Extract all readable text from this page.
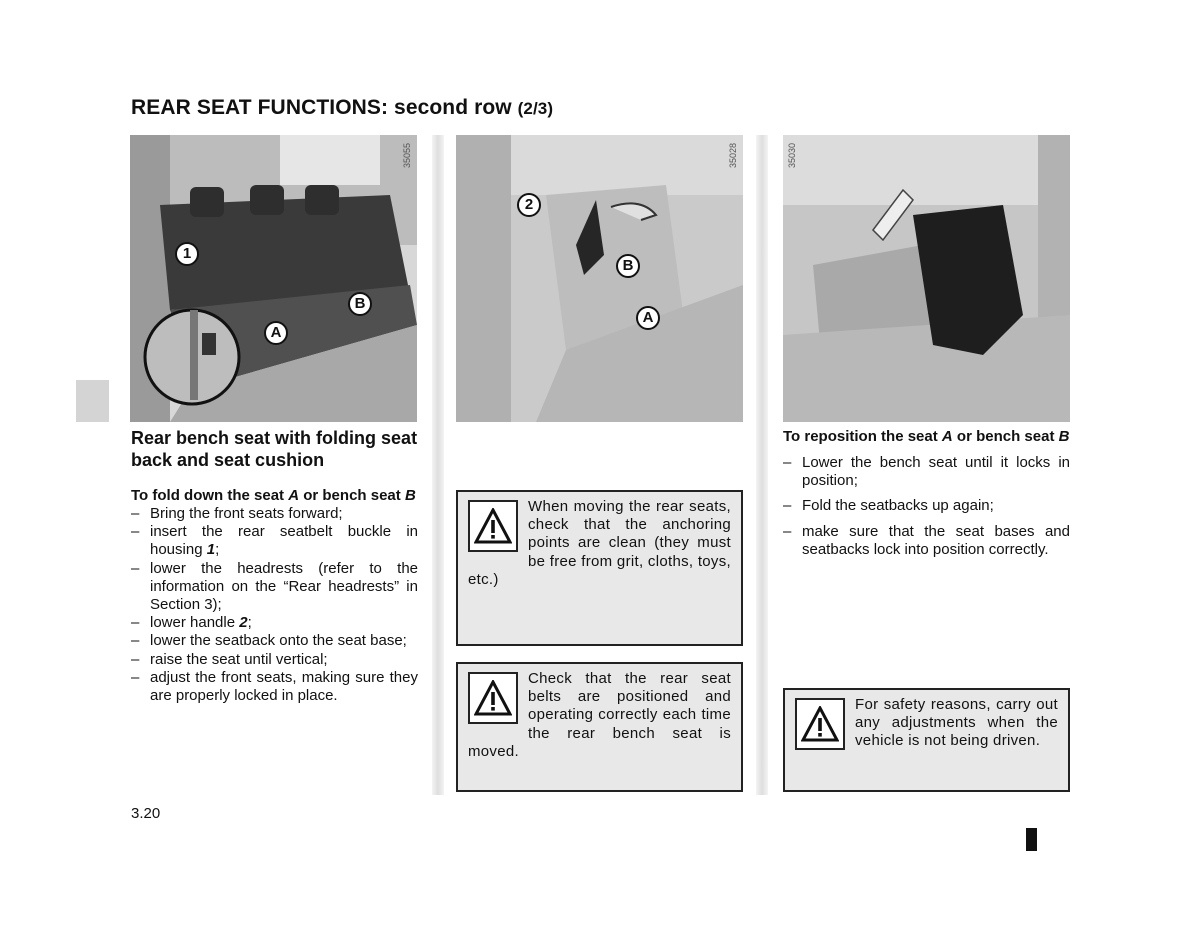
REAR SEAT FUNCTIONS: second row (2/3)
35055
1
B
A
35028
2
B
A
35030
Rear bench seat with folding seat back and seat cushion
To fold down the seat A or bench seat B
– Bring the front seats forward;
– insert the rear seatbelt buckle in housing 1;
– lower the headrests (refer to the information on the “Rear headrests” in Section 3);
– lower handle 2;
– lower the seatback onto the seat base;
– raise the seat until vertical;
– adjust the front seats, making sure they are properly locked in place.
When moving the rear seats, check that the anchoring points are clean (they must be free from grit, cloths, toys, etc.)
Check that the rear seat belts are positioned and operating correctly each time the rear bench seat is moved.
To reposition the seat A or bench seat B
– Lower the bench seat until it locks in position;
– Fold the seatbacks up again;
– make sure that the seat bases and seatbacks lock into position correctly.
For safety reasons, carry out any adjustments when the vehicle is not being driven.
3.20
